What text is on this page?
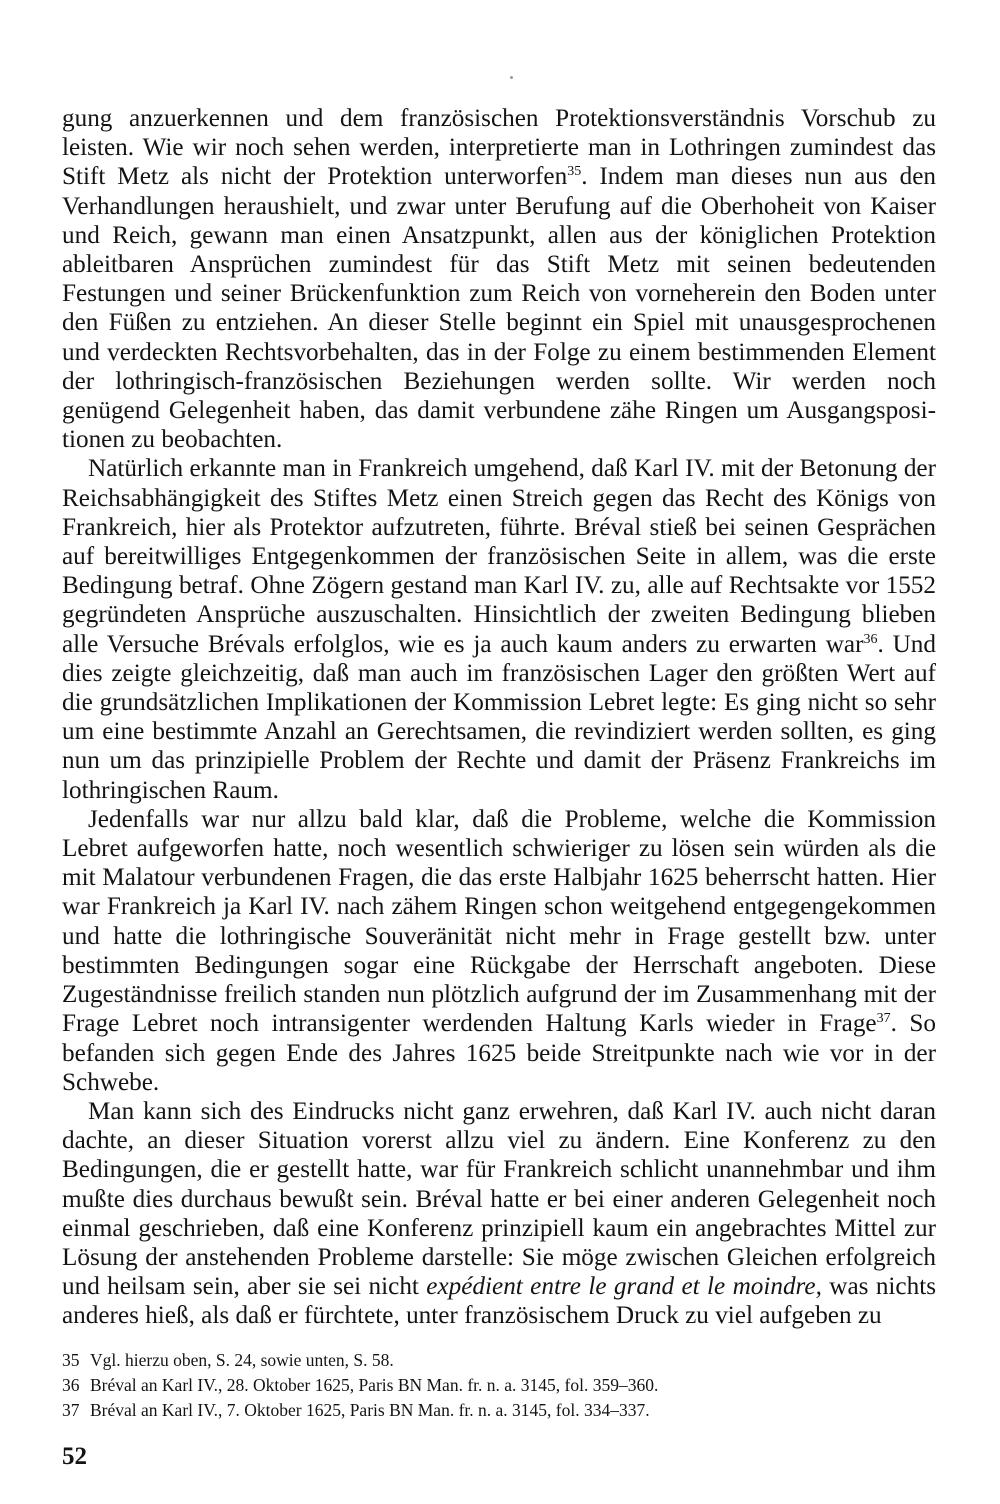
gung anzuerkennen und dem französischen Protektionsverständnis Vorschub zu leisten. Wie wir noch sehen werden, interpretierte man in Lothringen zumindest das Stift Metz als nicht der Protektion unterworfen$^{35}$. Indem man dieses nun aus den Verhandlungen heraushielt, und zwar unter Berufung auf die Oberhoheit von Kaiser und Reich, gewann man einen Ansatzpunkt, allen aus der königlichen Protektion ableitbaren Ansprüchen zumindest für das Stift Metz mit seinen bedeutenden Festungen und seiner Brückenfunktion zum Reich von vorneherein den Boden unter den Füßen zu entziehen. An dieser Stelle beginnt ein Spiel mit unausgesprochenen und verdeckten Rechtsvorbehalten, das in der Folge zu einem bestimmenden Element der lothringisch-französischen Beziehungen werden sollte. Wir werden noch genügend Gelegenheit haben, das damit verbundene zähe Ringen um Ausgangspositionen zu beobachten.

Natürlich erkannte man in Frankreich umgehend, daß Karl IV. mit der Betonung der Reichsabhängigkeit des Stiftes Metz einen Streich gegen das Recht des Königs von Frankreich, hier als Protektor aufzutreten, führte. Bréval stieß bei seinen Gesprächen auf bereitwilliges Entgegenkommen der französischen Seite in allem, was die erste Bedingung betraf. Ohne Zögern gestand man Karl IV. zu, alle auf Rechtsakte vor 1552 gegründeten Ansprüche auszuschalten. Hinsichtlich der zweiten Bedingung blieben alle Versuche Brévals erfolglos, wie es ja auch kaum anders zu erwarten war$^{36}$. Und dies zeigte gleichzeitig, daß man auch im französischen Lager den größten Wert auf die grundsätzlichen Implikationen der Kommission Lebret legte: Es ging nicht so sehr um eine bestimmte Anzahl an Gerechtsamen, die revindiziert werden sollten, es ging nun um das prinzipielle Problem der Rechte und damit der Präsenz Frankreichs im lothringischen Raum.

Jedenfalls war nur allzu bald klar, daß die Probleme, welche die Kommission Lebret aufgeworfen hatte, noch wesentlich schwieriger zu lösen sein würden als die mit Malatour verbundenen Fragen, die das erste Halbjahr 1625 beherrscht hatten. Hier war Frankreich ja Karl IV. nach zähem Ringen schon weitgehend entgegengekommen und hatte die lothringische Souveränität nicht mehr in Frage gestellt bzw. unter bestimmten Bedingungen sogar eine Rückgabe der Herrschaft angeboten. Diese Zugeständnisse freilich standen nun plötzlich aufgrund der im Zusammenhang mit der Frage Lebret noch intransigenter werdenden Haltung Karls wieder in Frage$^{37}$. So befanden sich gegen Ende des Jahres 1625 beide Streitpunkte nach wie vor in der Schwebe.

Man kann sich des Eindrucks nicht ganz erwehren, daß Karl IV. auch nicht daran dachte, an dieser Situation vorerst allzu viel zu ändern. Eine Konferenz zu den Bedingungen, die er gestellt hatte, war für Frankreich schlicht unannehmbar und ihm mußte dies durchaus bewußt sein. Bréval hatte er bei einer anderen Gelegenheit noch einmal geschrieben, daß eine Konferenz prinzipiell kaum ein angebrachtes Mittel zur Lösung der anstehenden Probleme darstelle: Sie möge zwischen Gleichen erfolgreich und heilsam sein, aber sie sei nicht expédient entre le grand et le moindre, was nichts anderes hieß, als daß er fürchtete, unter französischem Druck zu viel aufgeben zu

35 Vgl. hierzu oben, S. 24, sowie unten, S. 58.
36 Bréval an Karl IV., 28. Oktober 1625, Paris BN Man. fr. n. a. 3145, fol. 359–360.
37 Bréval an Karl IV., 7. Oktober 1625, Paris BN Man. fr. n. a. 3145, fol. 334–337.
52
